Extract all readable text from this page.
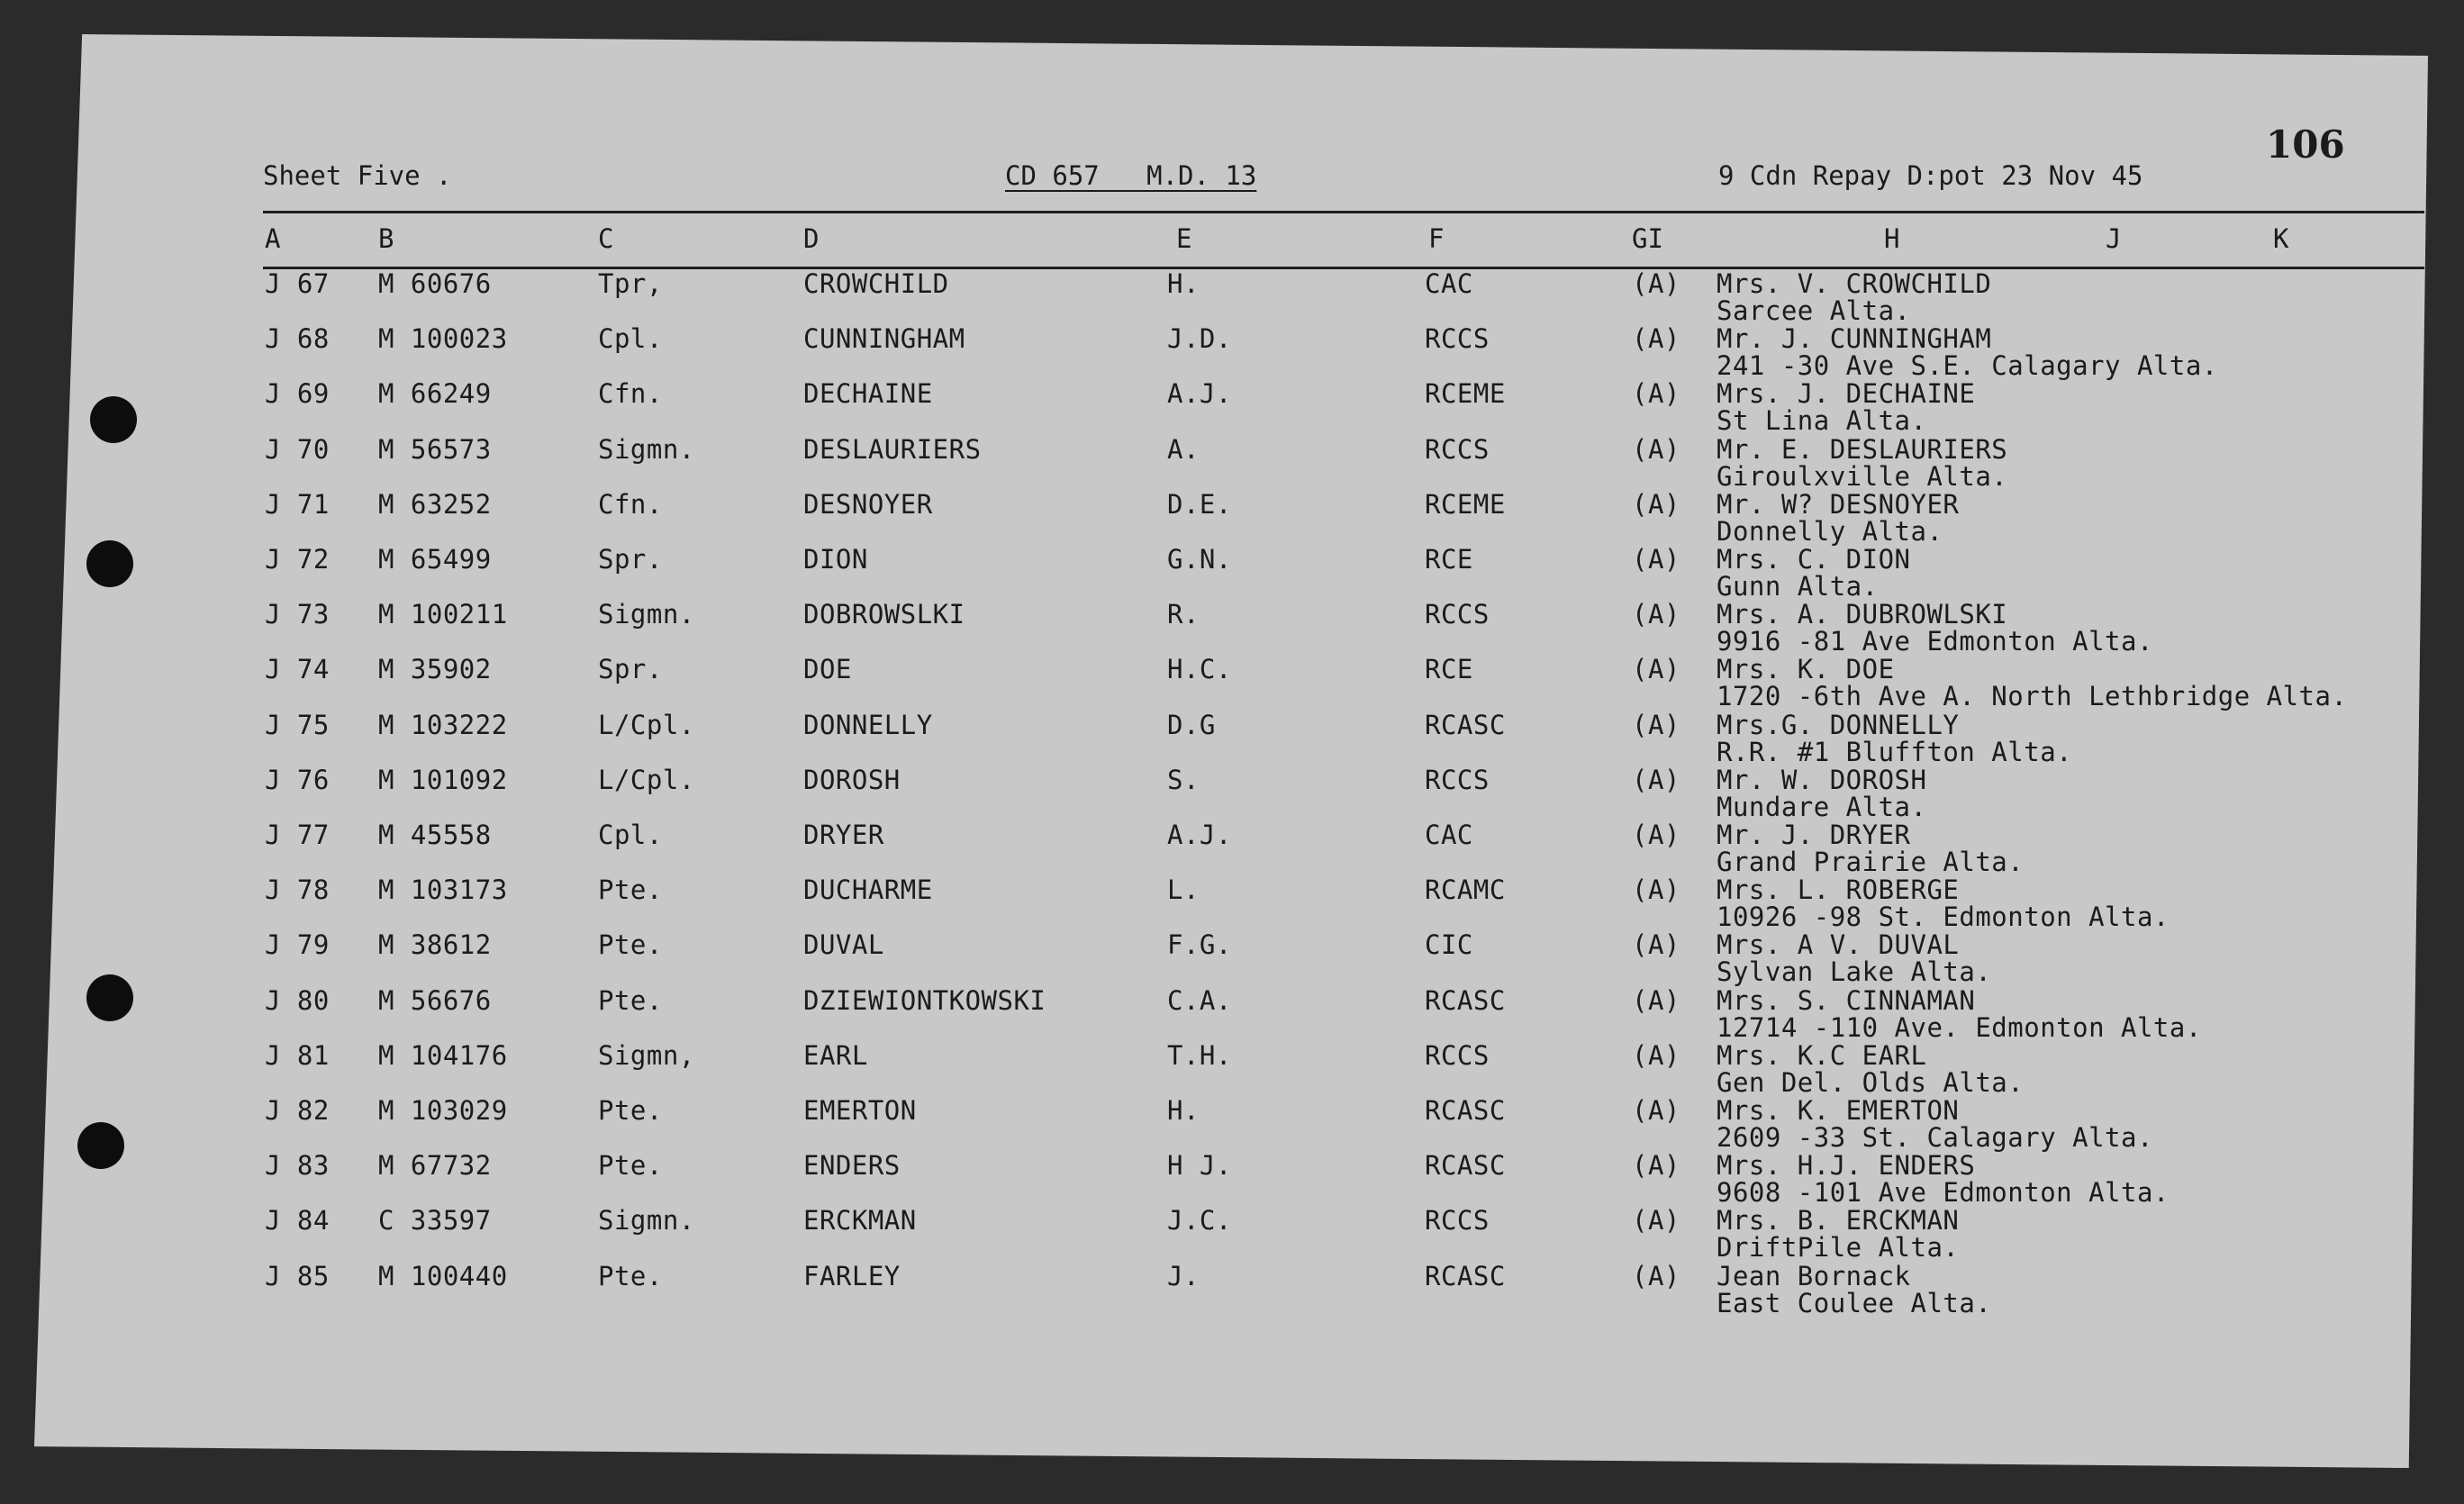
Sheet Five .	CD 657   M.D. 13	9 Cdn Repay D:pot 23 Nov 45
106
A	B	C	D	E	F	GI	H	J	K
J 67 M 60676	Tpr,	CROWCHILD	H.	CAC	(A) Mrs. V. CROWCHILD
Sarcee Alta.
J 68 M 100023	Cpl.	CUNNINGHAM	J.D.	RCCS	(A) Mr. J. CUNNINGHAM
241 -30 Ave S.E. Calagary Alta.
J 69 M 66249	Cfn.	DECHAINE	A.J.	RCEME	(A) Mrs. J. DECHAINE
St Lina Alta.
J 70 M 56573	Sigmn.	DESLAURIERS	A.	RCCS	(A) Mr. E. DESLAURIERS
Giroulxville Alta.
J 71 M 63252	Cfn.	DESNOYER	D.E.	RCEME	(A) Mr. W? DESNOYER
Donnelly Alta.
J 72 M 65499	Spr.	DION	G.N.	RCE	(A) Mrs. C. DION
Gunn Alta.
J 73 M 100211	Sigmn.	DOBROWSLKI	R.	RCCS	(A) Mrs. A. DUBROWLSKI
9916 -81 Ave Edmonton Alta.
J 74 M 35902	Spr.	DOE	H.C.	RCE	(A) Mrs. K. DOE
1720 -6th Ave A. North Lethbridge Alta.
J 75 M 103222	L/Cpl.	DONNELLY	D.G	RCASC	(A) Mrs.G. DONNELLY
R.R. #1 Bluffton Alta.
J 76 M 101092	L/Cpl.	DOROSH	S.	RCCS	(A) Mr. W. DOROSH
Mundare Alta.
J 77 M 45558	Cpl.	DRYER	A.J.	CAC	(A) Mr. J. DRYER
Grand Prairie Alta.
J 78 M 103173	Pte.	DUCHARME	L.	RCAMC	(A) Mrs. L. ROBERGE
10926 -98 St. Edmonton Alta.
J 79 M 38612	Pte.	DUVAL	F.G.	CIC	(A) Mrs. A V. DUVAL
Sylvan Lake Alta.
J 80 M 56676	Pte.	DZIEWIONTKOWSKI	C.A.	RCASC	(A) Mrs. S. CINNAMAN
12714 -110 Ave. Edmonton Alta.
J 81 M 104176	Sigmn,	EARL	T.H.	RCCS	(A) Mrs. K.C EARL
Gen Del. Olds Alta.
J 82 M 103029	Pte.	EMERTON	H.	RCASC	(A) Mrs. K. EMERTON
2609 -33 St. Calagary Alta.
J 83 M 67732	Pte.	ENDERS	H J.	RCASC	(A) Mrs. H.J. ENDERS
9608 -101 Ave Edmonton Alta.
J 84 C 33597	Sigmn.	ERCKMAN	J.C.	RCCS	(A) Mrs. B. ERCKMAN
DriftPile Alta.
J 85 M 100440	Pte.	FARLEY	J.	RCASC	(A) Jean Bornack
East Coulee Alta.
